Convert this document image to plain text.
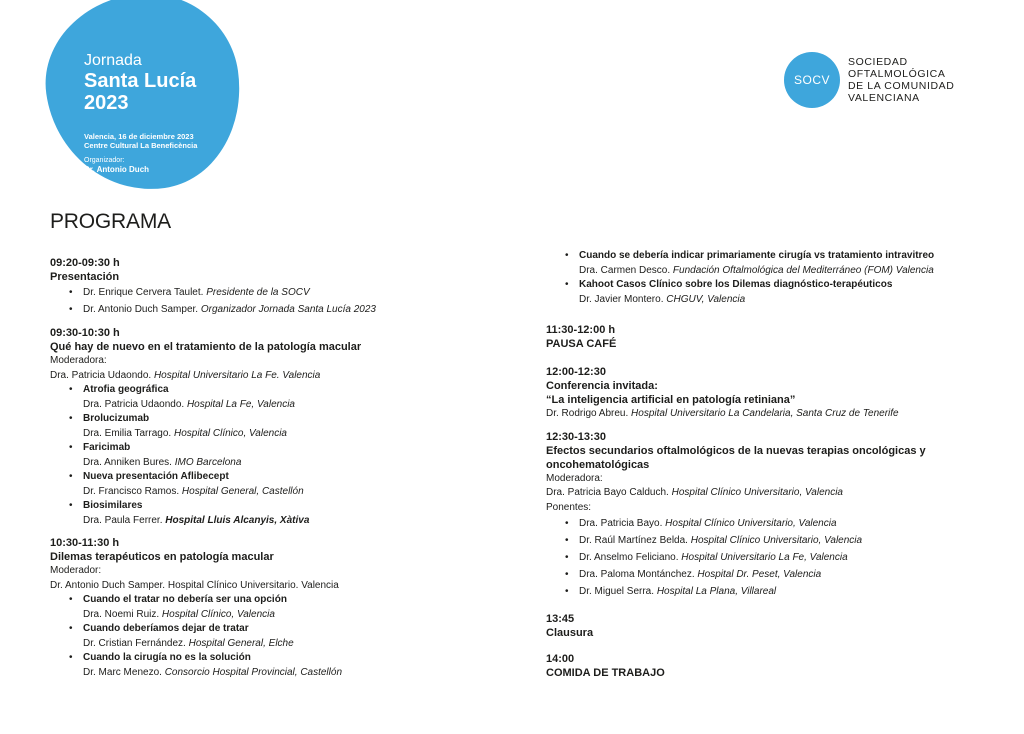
Jornada
Santa Lucía
2023
Valencia, 16 de diciembre 2023
Centre Cultural La Beneficència
Organizador:
Dr. Antonio Duch
SOCV
SOCIEDAD
OFTALMOLÓGICA
DE LA COMUNIDAD
VALENCIANA
PROGRAMA
09:20-09:30 h
Presentación
• Dr. Enrique Cervera Taulet. Presidente de la SOCV
• Dr. Antonio Duch Samper. Organizador Jornada Santa Lucía 2023
09:30-10:30 h
Qué hay de nuevo en el tratamiento de la patología macular
Moderadora:
Dra. Patricia Udaondo. Hospital Universitario La Fe. Valencia
• Atrofia geográfica
Dra. Patricia Udaondo. Hospital La Fe, Valencia
• Brolucizumab
Dra. Emilia Tarrago. Hospital Clínico, Valencia
• Faricimab
Dra. Anniken Bures. IMO Barcelona
• Nueva presentación Aflibecept
Dr. Francisco Ramos. Hospital General, Castellón
• Biosimilares
Dra. Paula Ferrer. Hospital Lluis Alcanyis, Xàtiva
10:30-11:30 h
Dilemas terapéuticos en patología macular
Moderador:
Dr. Antonio Duch Samper. Hospital Clínico Universitario. Valencia
• Cuando el tratar no debería ser una opción
Dra. Noemi Ruiz. Hospital Clínico, Valencia
• Cuando deberíamos dejar de tratar
Dr. Cristian Fernández. Hospital General, Elche
• Cuando la cirugía no es la solución
Dr. Marc Menezo. Consorcio Hospital Provincial, Castellón
• Cuando se debería indicar primariamente cirugía vs tratamiento intravitreo
Dra. Carmen Desco. Fundación Oftalmológica del Mediterráneo (FOM) Valencia
• Kahoot Casos Clínico sobre los Dilemas diagnóstico-terapéuticos
Dr. Javier Montero. CHGUV, Valencia
11:30-12:00 h
PAUSA CAFÉ
12:00-12:30
Conferencia invitada:
“La inteligencia artificial en patología retiniana”
Dr. Rodrigo Abreu. Hospital Universitario La Candelaria, Santa Cruz de Tenerife
12:30-13:30
Efectos secundarios oftalmológicos de la nuevas terapias oncológicas y oncohematológicas
Moderadora:
Dra. Patricia Bayo Calduch. Hospital Clínico Universitario, Valencia
Ponentes:
• Dra. Patricia Bayo. Hospital Clínico Universitario, Valencia
• Dr. Raúl Martínez Belda. Hospital Clínico Universitario, Valencia
• Dr. Anselmo Feliciano. Hospital Universitario La Fe, Valencia
• Dra. Paloma Montánchez. Hospital Dr. Peset, Valencia
• Dr. Miguel Serra. Hospital La Plana, Villareal
13:45
Clausura
14:00
COMIDA DE TRABAJO
